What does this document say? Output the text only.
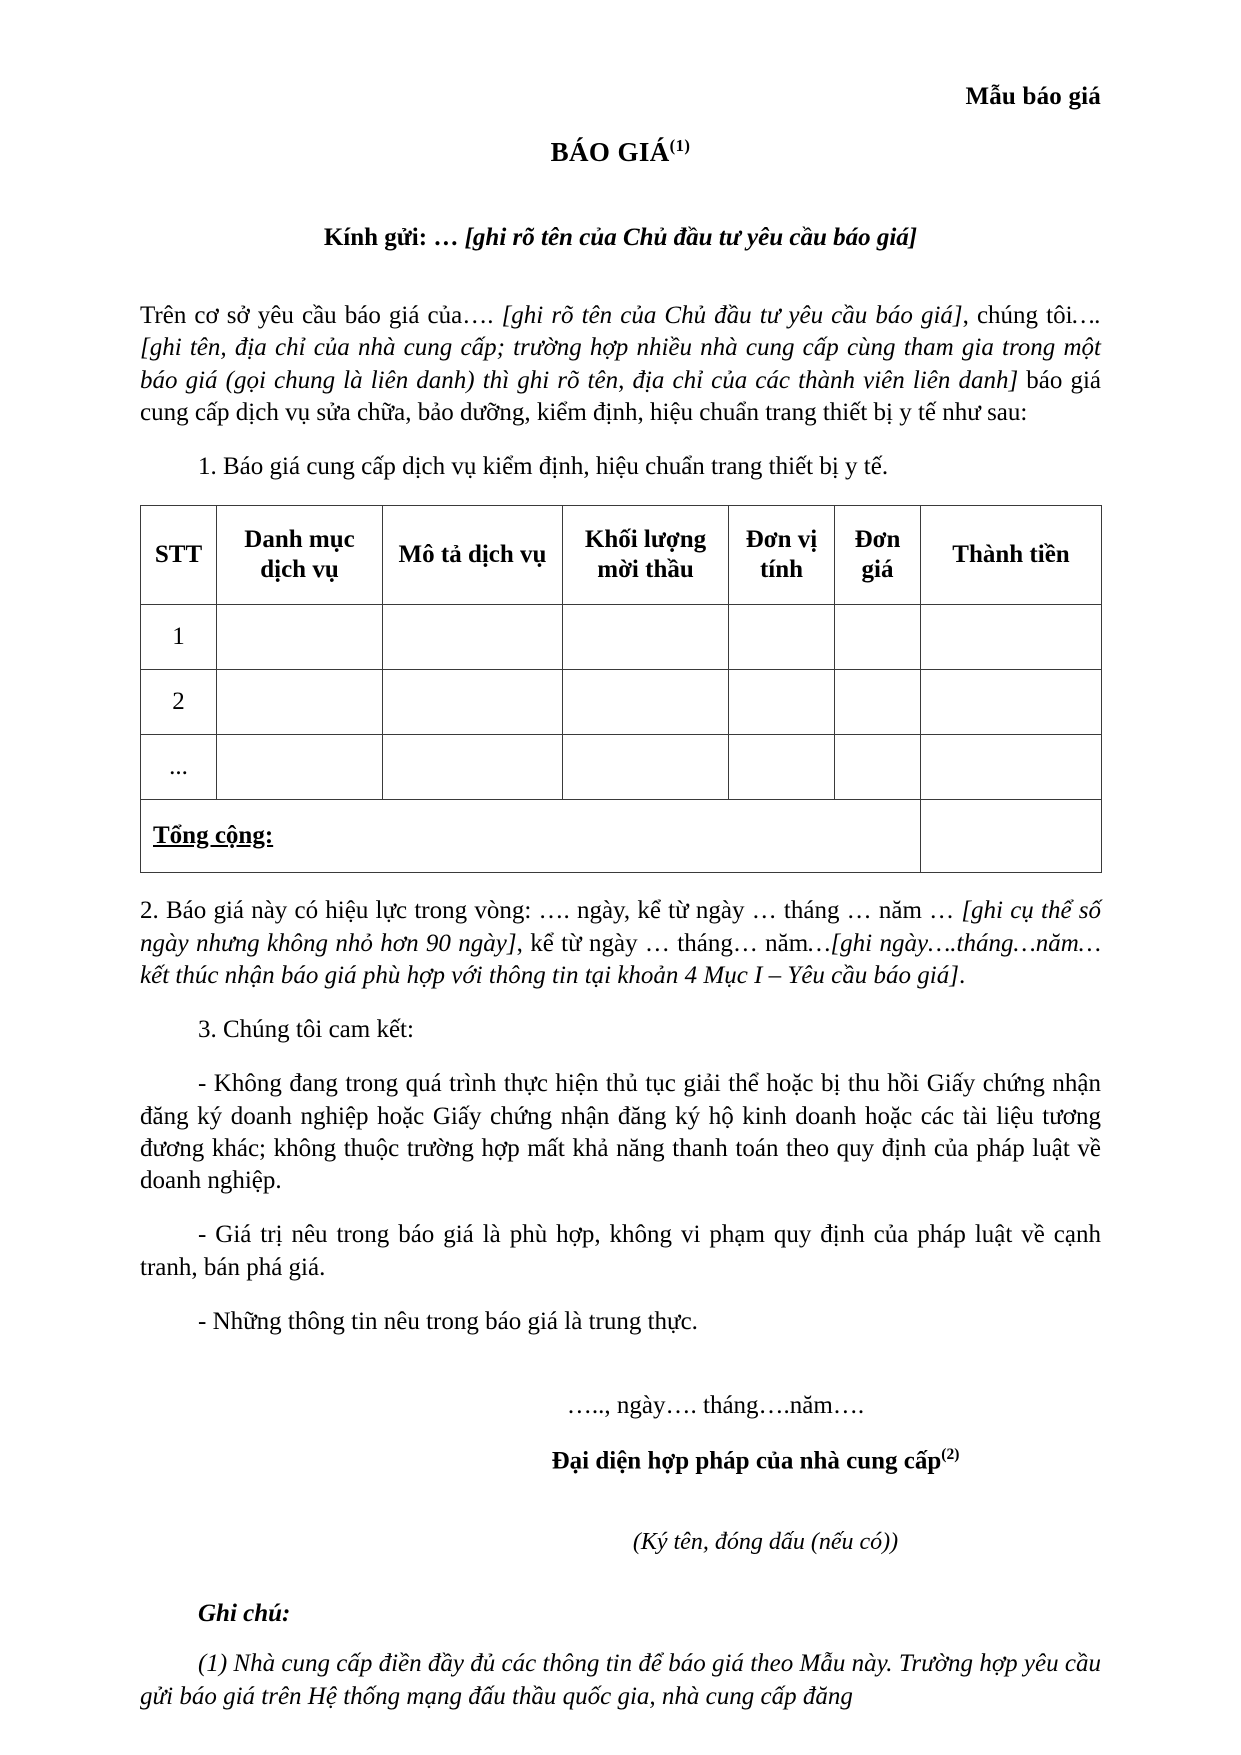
Mẫu báo giá
BÁO GIÁ$^{(1)}$
Kính gửi: … [ghi rõ tên của Chủ đầu tư yêu cầu báo giá]

Trên cơ sở yêu cầu báo giá của…. [ghi rõ tên của Chủ đầu tư yêu cầu báo giá], chúng tôi….[ghi tên, địa chỉ của nhà cung cấp; trường hợp nhiều nhà cung cấp cùng tham gia trong một báo giá (gọi chung là liên danh) thì ghi rõ tên, địa chỉ của các thành viên liên danh] báo giá cung cấp dịch vụ sửa chữa, bảo dưỡng, kiểm định, hiệu chuẩn trang thiết bị y tế như sau:

1. Báo giá cung cấp dịch vụ kiểm định, hiệu chuẩn trang thiết bị y tế.

STT	Danh mục dịch vụ	Mô tả dịch vụ	Khối lượng mời thầu	Đơn vị tính	Đơn giá	Thành tiền
1						
2						
...						
Tổng cộng:						

2. Báo giá này có hiệu lực trong vòng: …. ngày, kể từ ngày … tháng … năm … [ghi cụ thể số ngày nhưng không nhỏ hơn 90 ngày], kể từ ngày … tháng… năm…[ghi ngày….tháng…năm… kết thúc nhận báo giá phù hợp với thông tin tại khoản 4 Mục I – Yêu cầu báo giá].

3. Chúng tôi cam kết:

- Không đang trong quá trình thực hiện thủ tục giải thể hoặc bị thu hồi Giấy chứng nhận đăng ký doanh nghiệp hoặc Giấy chứng nhận đăng ký hộ kinh doanh hoặc các tài liệu tương đương khác; không thuộc trường hợp mất khả năng thanh toán theo quy định của pháp luật về doanh nghiệp.

- Giá trị nêu trong báo giá là phù hợp, không vi phạm quy định của pháp luật về cạnh tranh, bán phá giá.

- Những thông tin nêu trong báo giá là trung thực.

….., ngày…. tháng….năm….

Đại diện hợp pháp của nhà cung cấp$^{(2)}$

(Ký tên, đóng dấu (nếu có))

Ghi chú:

(1) Nhà cung cấp điền đầy đủ các thông tin để báo giá theo Mẫu này. Trường hợp yêu cầu gửi báo giá trên Hệ thống mạng đấu thầu quốc gia, nhà cung cấp đăng
